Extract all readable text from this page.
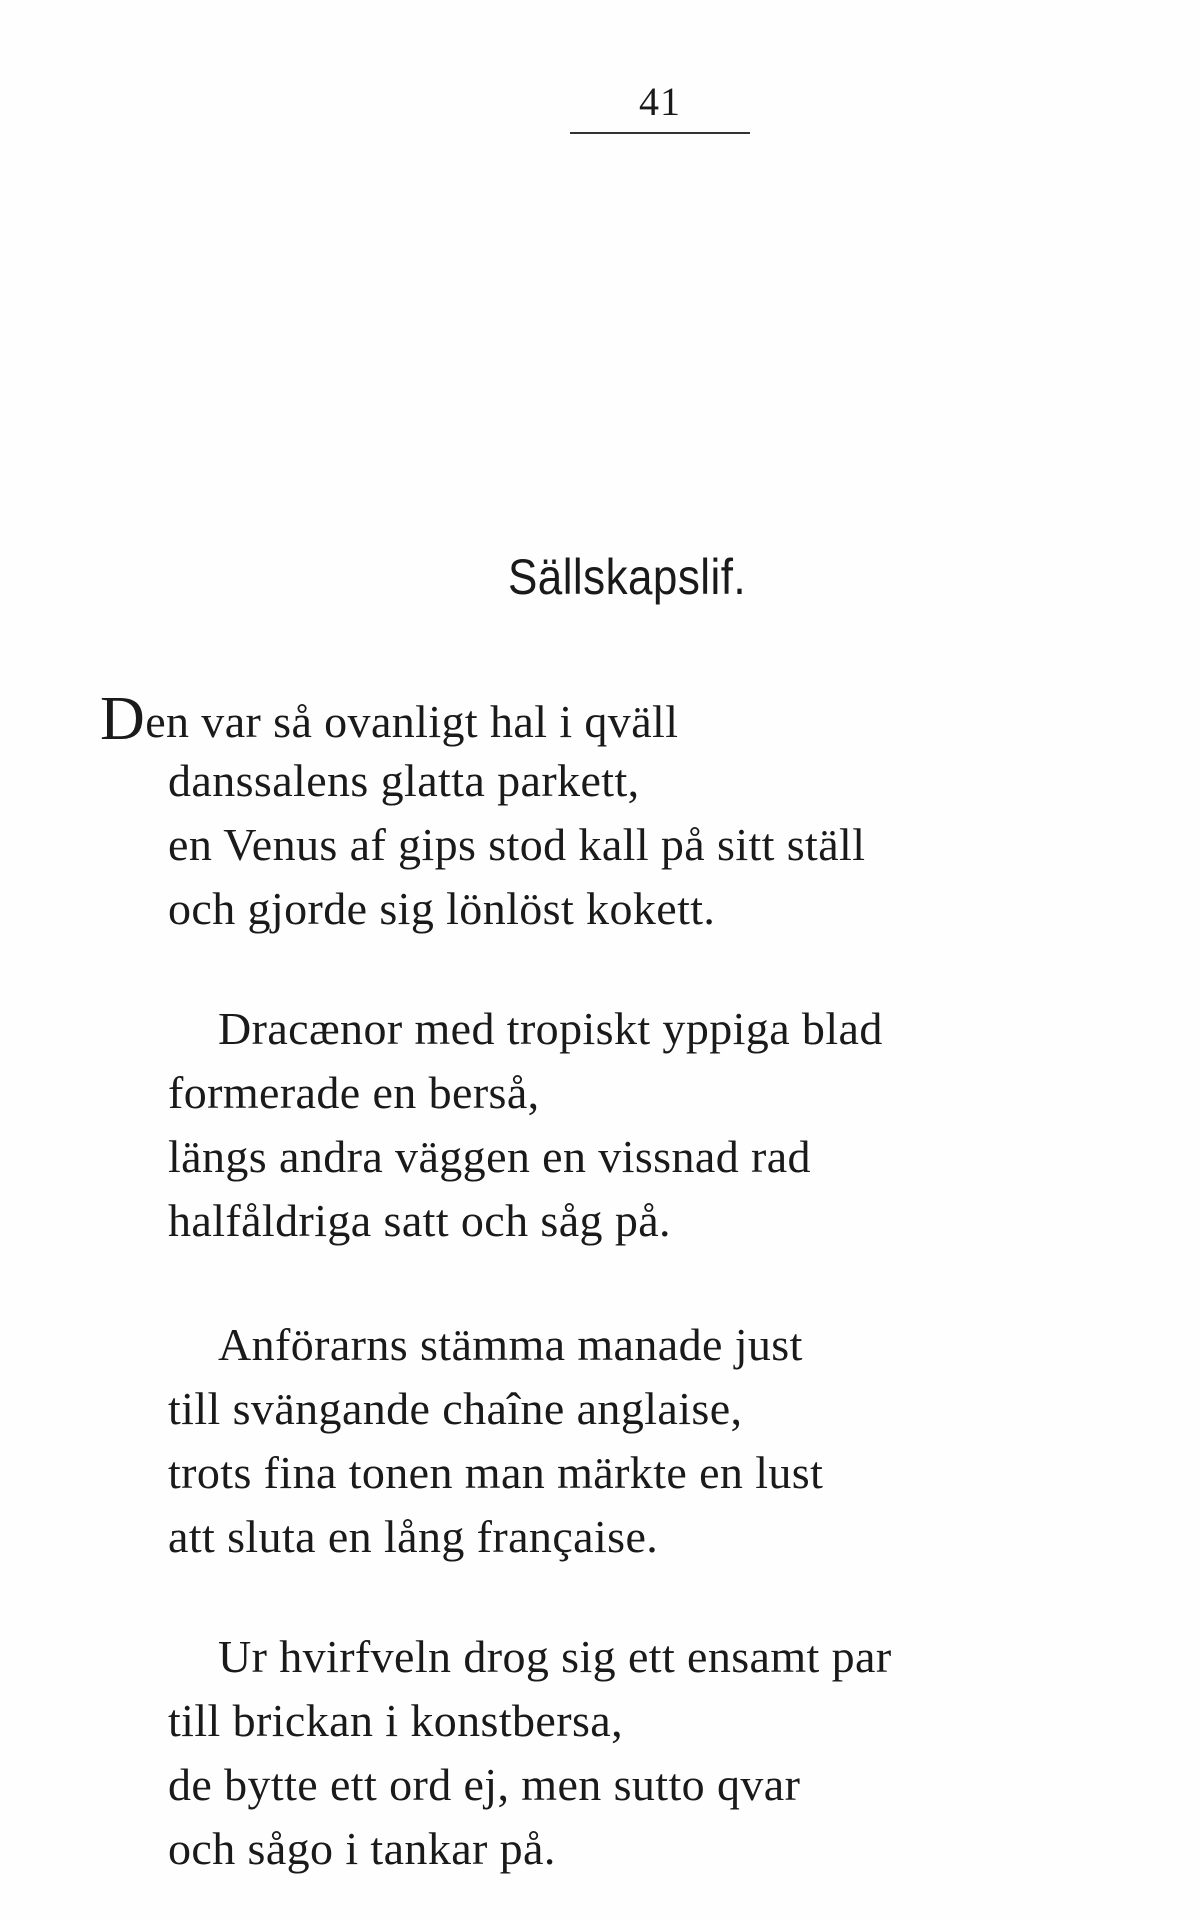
41
Sällskapslif.
Den var så ovanligt hal i qväll
danssalens glatta parkett,
en Venus af gips stod kall på sitt ställ
och gjorde sig lönlöst kokett.
Dracænor med tropiskt yppiga blad
formerade en berså,
längs andra väggen en vissnad rad
halfåldriga satt och såg på.
Anförarns stämma manade just
till svängande chaîne anglaise,
trots fina tonen man märkte en lust
att sluta en lång française.
Ur hvirfveln drog sig ett ensamt par
till brickan i konstbersa,
de bytte ett ord ej, men sutto qvar
och sågo i tankar på.
